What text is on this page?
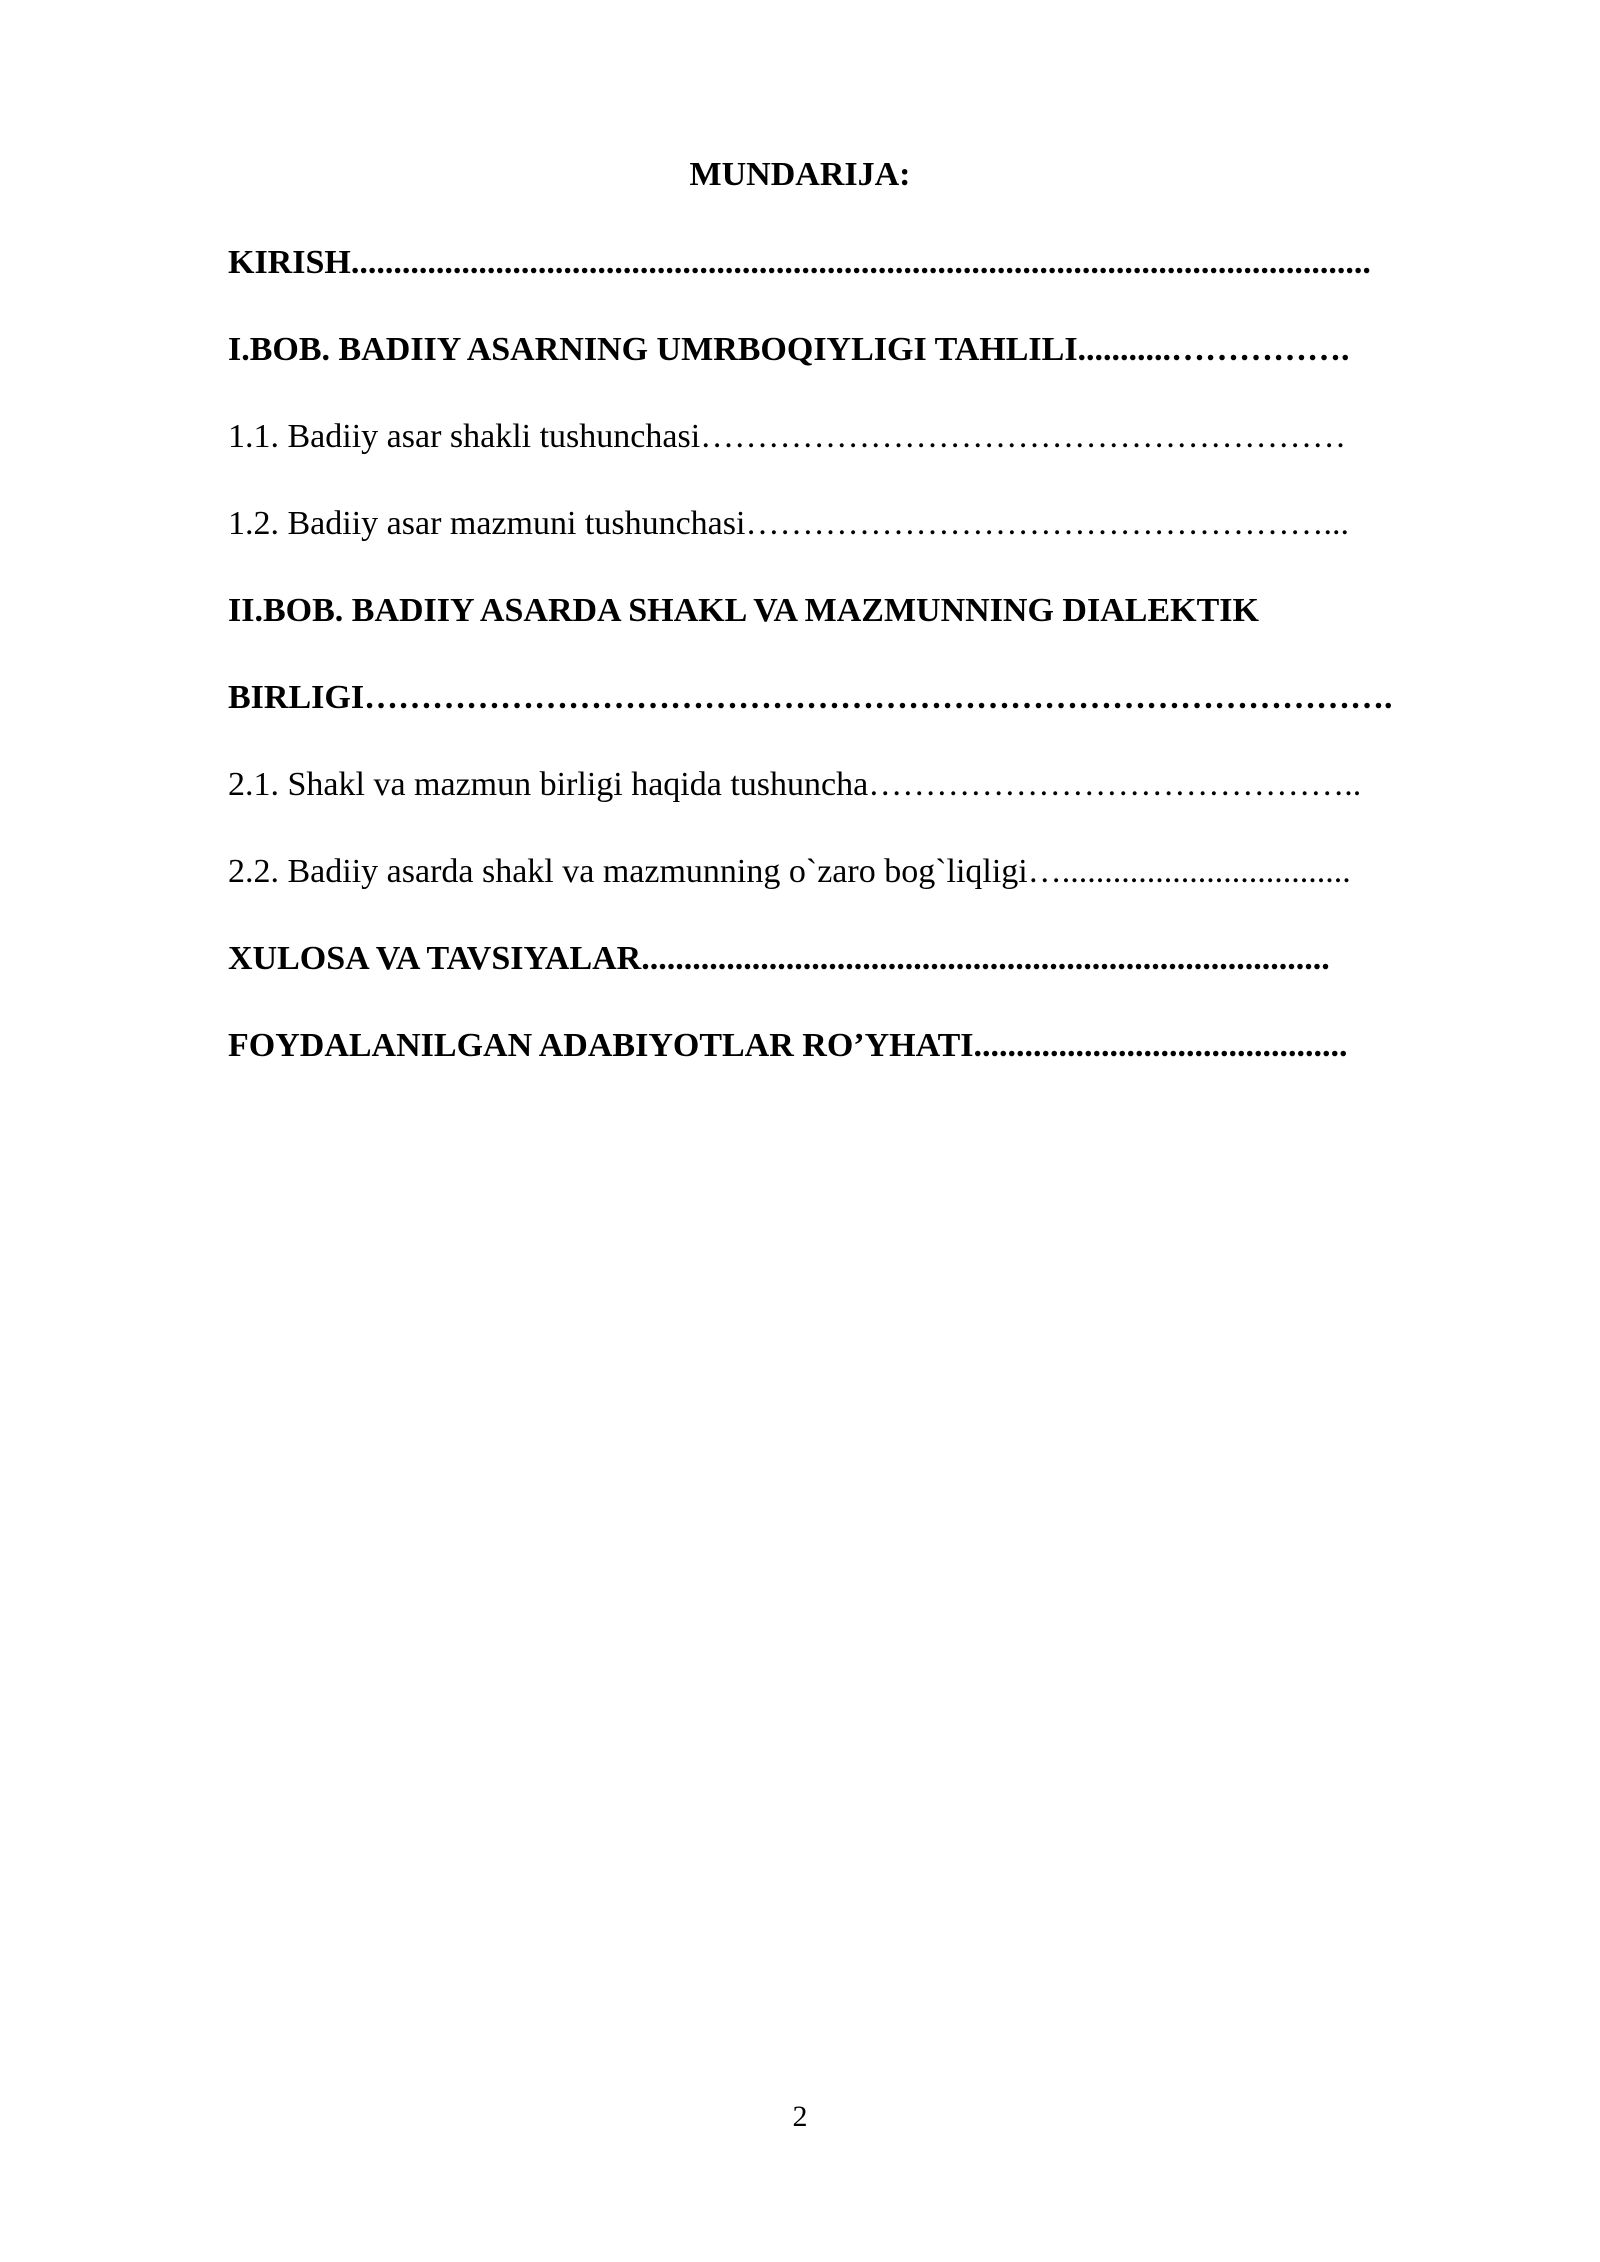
MUNDARIJA:
KIRISH........................................................................................................................
I.BOB. BADIIY ASARNING UMRBOQIYLIGI TAHLILI...........…………….
1.1. Badiiy asar shakli tushunchasi…………………………………………………
1.2. Badiiy asar mazmuni tushunchasi……………………………………………...
II.BOB. BADIIY ASARDA SHAKL VA MAZMUNNING DIALEKTIK
BIRLIGI……………………………………………………………………………….
2.1. Shakl va mazmun birligi haqida tushuncha……………………………………..
2.2. Badiiy asarda shakl va mazmunning o`zaro bog`liqligi…..................................
XULOSA VA TAVSIYALAR.................................................................................
FOYDALANILGAN ADABIYOTLAR RO’YHATI............................................
2
